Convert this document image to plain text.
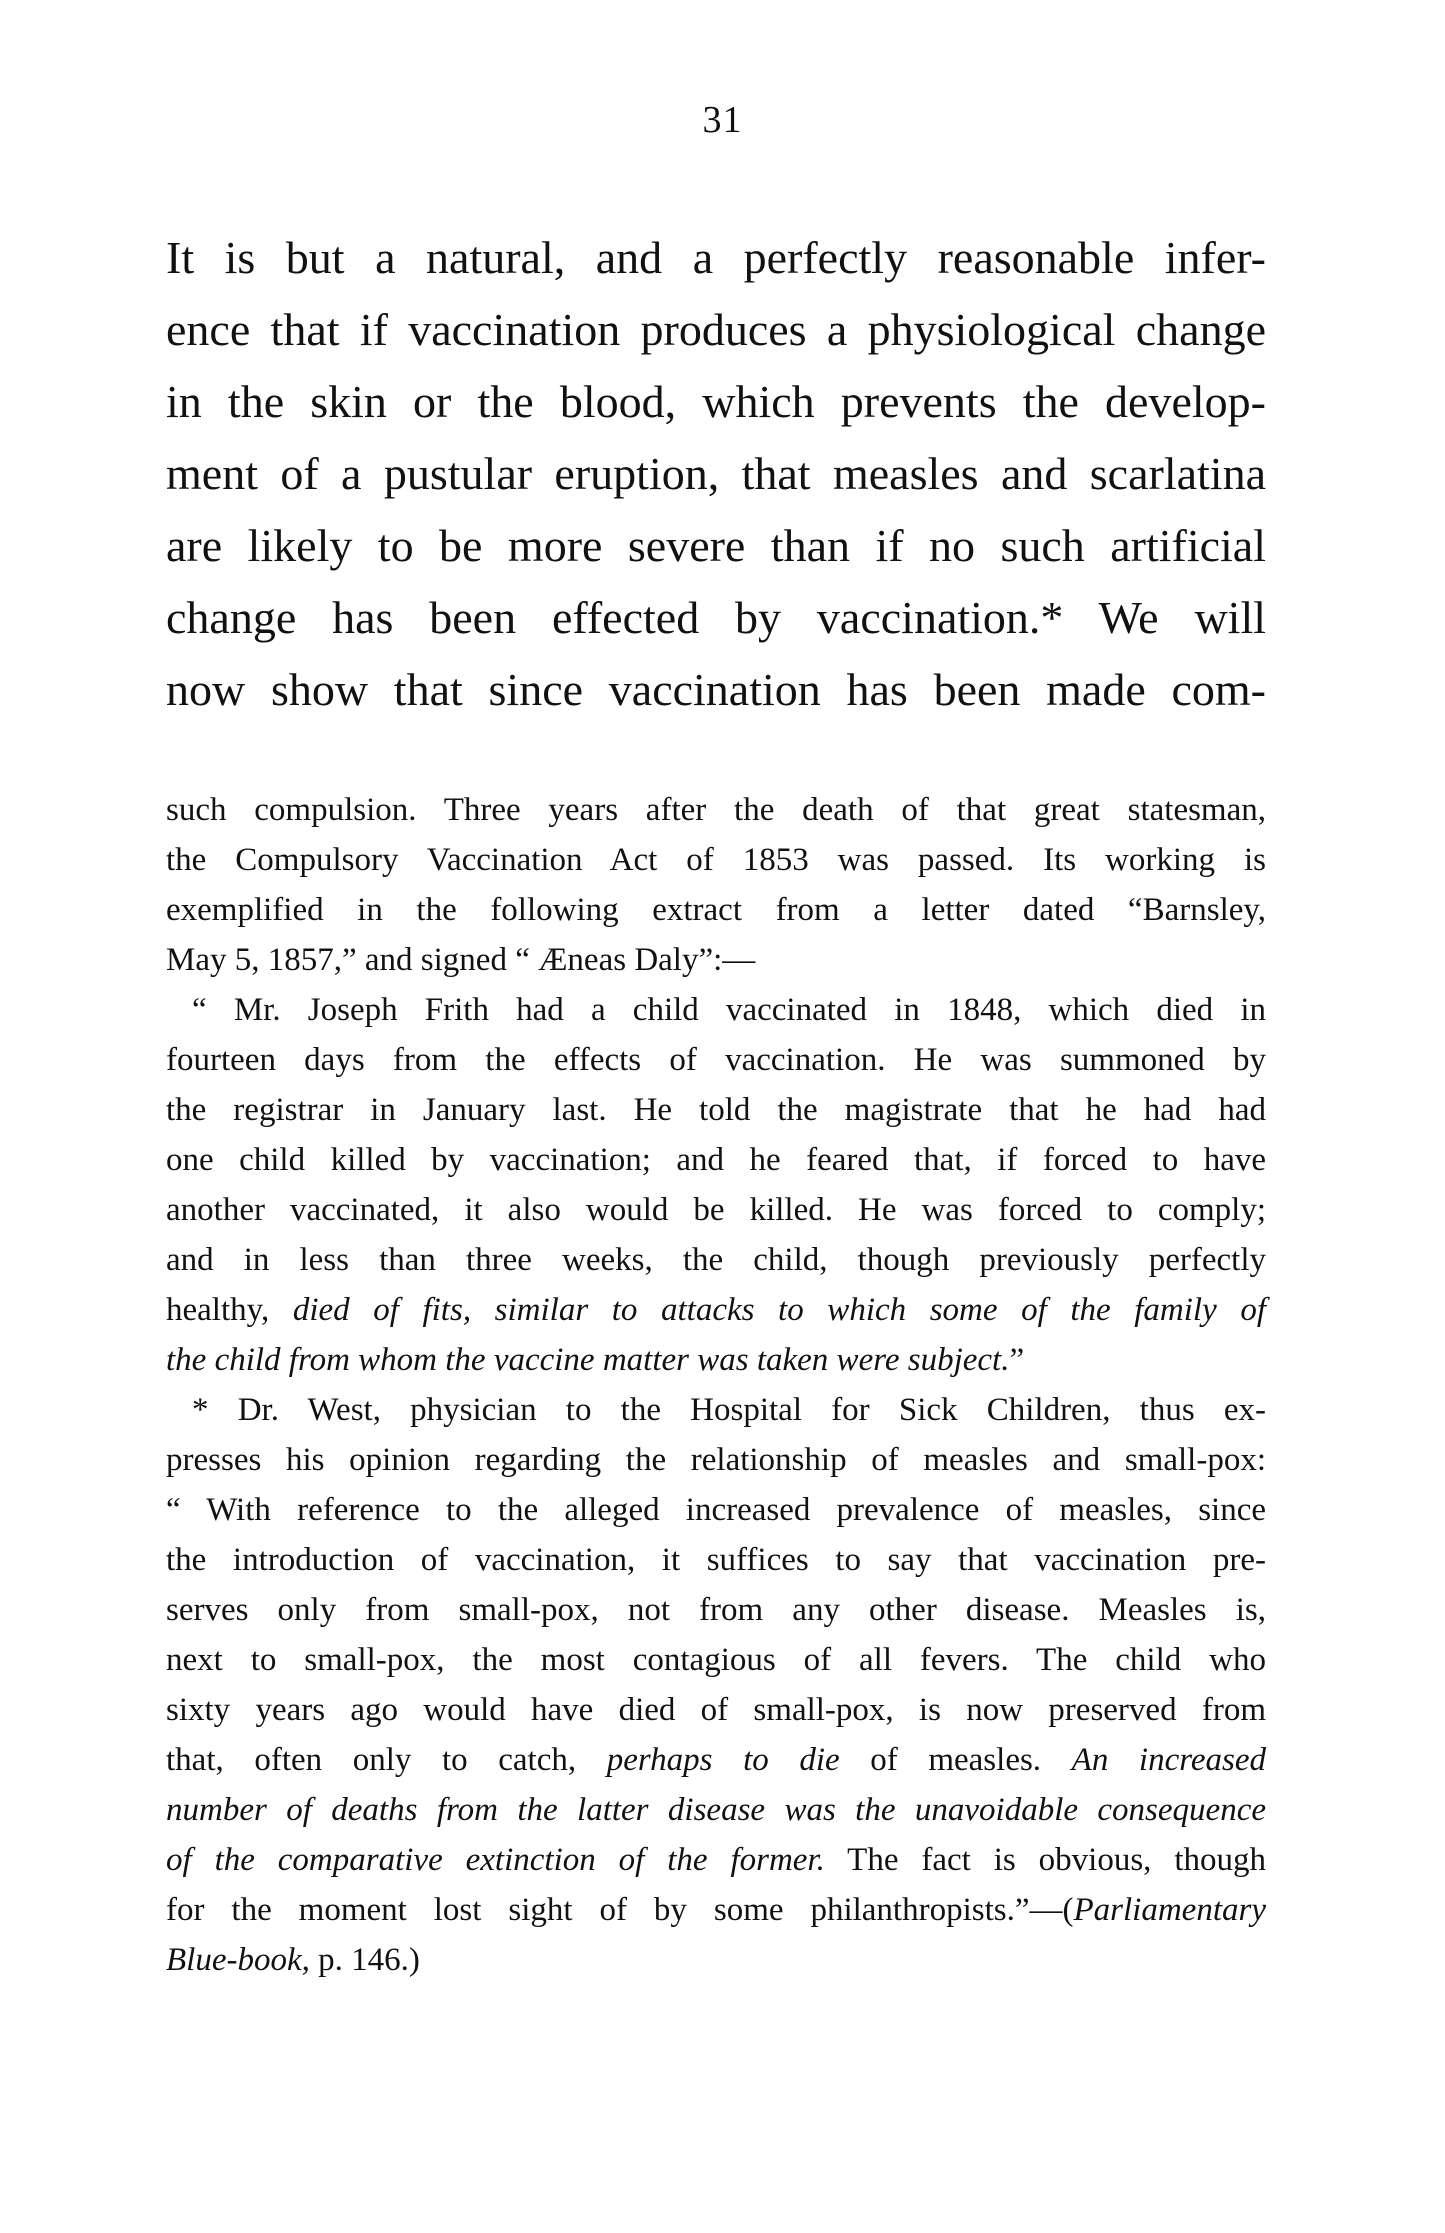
31
It is but a natural, and a perfectly reasonable infer-
ence that if vaccination produces a physiological change
in the skin or the blood, which prevents the develop-
ment of a pustular eruption, that measles and scarlatina
are likely to be more severe than if no such artificial
change has been effected by vaccination.* We will
now show that since vaccination has been made com-
such compulsion. Three years after the death of that great statesman,
the Compulsory Vaccination Act of 1853 was passed. Its working is
exemplified in the following extract from a letter dated “Barnsley,
May 5, 1857,” and signed “ Æneas Daly”:—
“ Mr. Joseph Frith had a child vaccinated in 1848, which died in
fourteen days from the effects of vaccination. He was summoned by
the registrar in January last. He told the magistrate that he had had
one child killed by vaccination; and he feared that, if forced to have
another vaccinated, it also would be killed. He was forced to comply;
and in less than three weeks, the child, though previously perfectly
healthy, died of fits, similar to attacks to which some of the family of
the child from whom the vaccine matter was taken were subject.”
* Dr. West, physician to the Hospital for Sick Children, thus ex-
presses his opinion regarding the relationship of measles and small-pox:
“ With reference to the alleged increased prevalence of measles, since
the introduction of vaccination, it suffices to say that vaccination pre-
serves only from small-pox, not from any other disease. Measles is,
next to small-pox, the most contagious of all fevers. The child who
sixty years ago would have died of small-pox, is now preserved from
that, often only to catch, perhaps to die of measles. An increased
number of deaths from the latter disease was the unavoidable consequence
of the comparative extinction of the former. The fact is obvious, though
for the moment lost sight of by some philanthropists.”—(Parliamentary
Blue-book, p. 146.)
